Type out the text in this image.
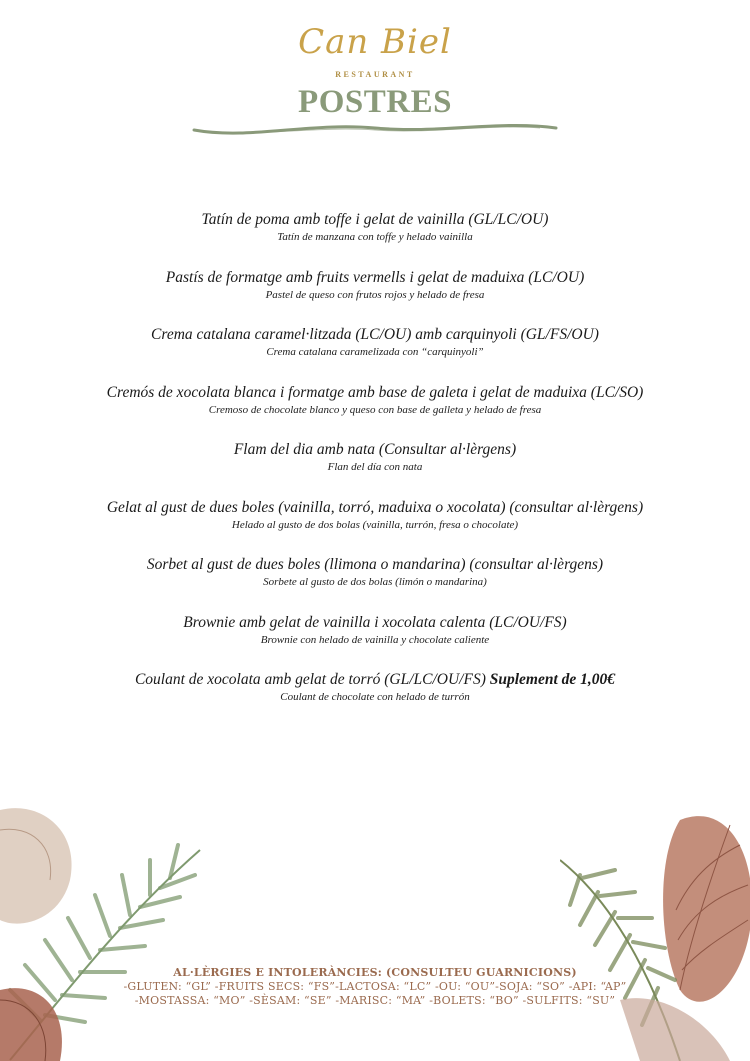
Can Biel
RESTAURANT
POSTRES
Tatín de poma amb toffe i gelat de vainilla (GL/LC/OU)
Tatín de manzana con toffe y helado vainilla
Pastís de formatge amb fruits vermells i gelat de maduixa (LC/OU)
Pastel de queso con frutos rojos y helado de fresa
Crema catalana caramel·litzada (LC/OU) amb carquinyoli (GL/FS/OU)
Crema catalana caramelizada con “carquinyoli”
Cremós de xocolata blanca i formatge amb base de galeta i gelat de maduixa (LC/SO)
Cremoso de chocolate blanco y queso con base de galleta y helado de fresa
Flam del dia amb nata (Consultar al·lèrgens)
Flan del día con nata
Gelat al gust de dues boles (vainilla, torró, maduixa o xocolata) (consultar al·lèrgens)
Helado al gusto de dos bolas (vainilla, turrón, fresa o chocolate)
Sorbet al gust de dues boles (llimona o mandarina) (consultar al·lèrgens)
Sorbete al gusto de dos bolas (limón o mandarina)
Brownie amb gelat de vainilla i xocolata calenta (LC/OU/FS)
Brownie con helado de vainilla y chocolate caliente
Coulant de xocolata amb gelat de torró (GL/LC/OU/FS) Suplement de 1,00€
Coulant de chocolate con helado de turrón
AL·LÈRGIES E INTOLERÀNCIES: (CONSULTEU GUARNICIONS)
-GLUTEN: “GL” -FRUITS SECS: “FS”-LACTOSA: “LC” -OU: “OU”-SOJA: “SO” -API: “AP”
-MOSTASSA: “MO” -SÈSAM: “SE” -MARISC: “MA” -BOLETS: “BO” -SULFITS: “SU”
